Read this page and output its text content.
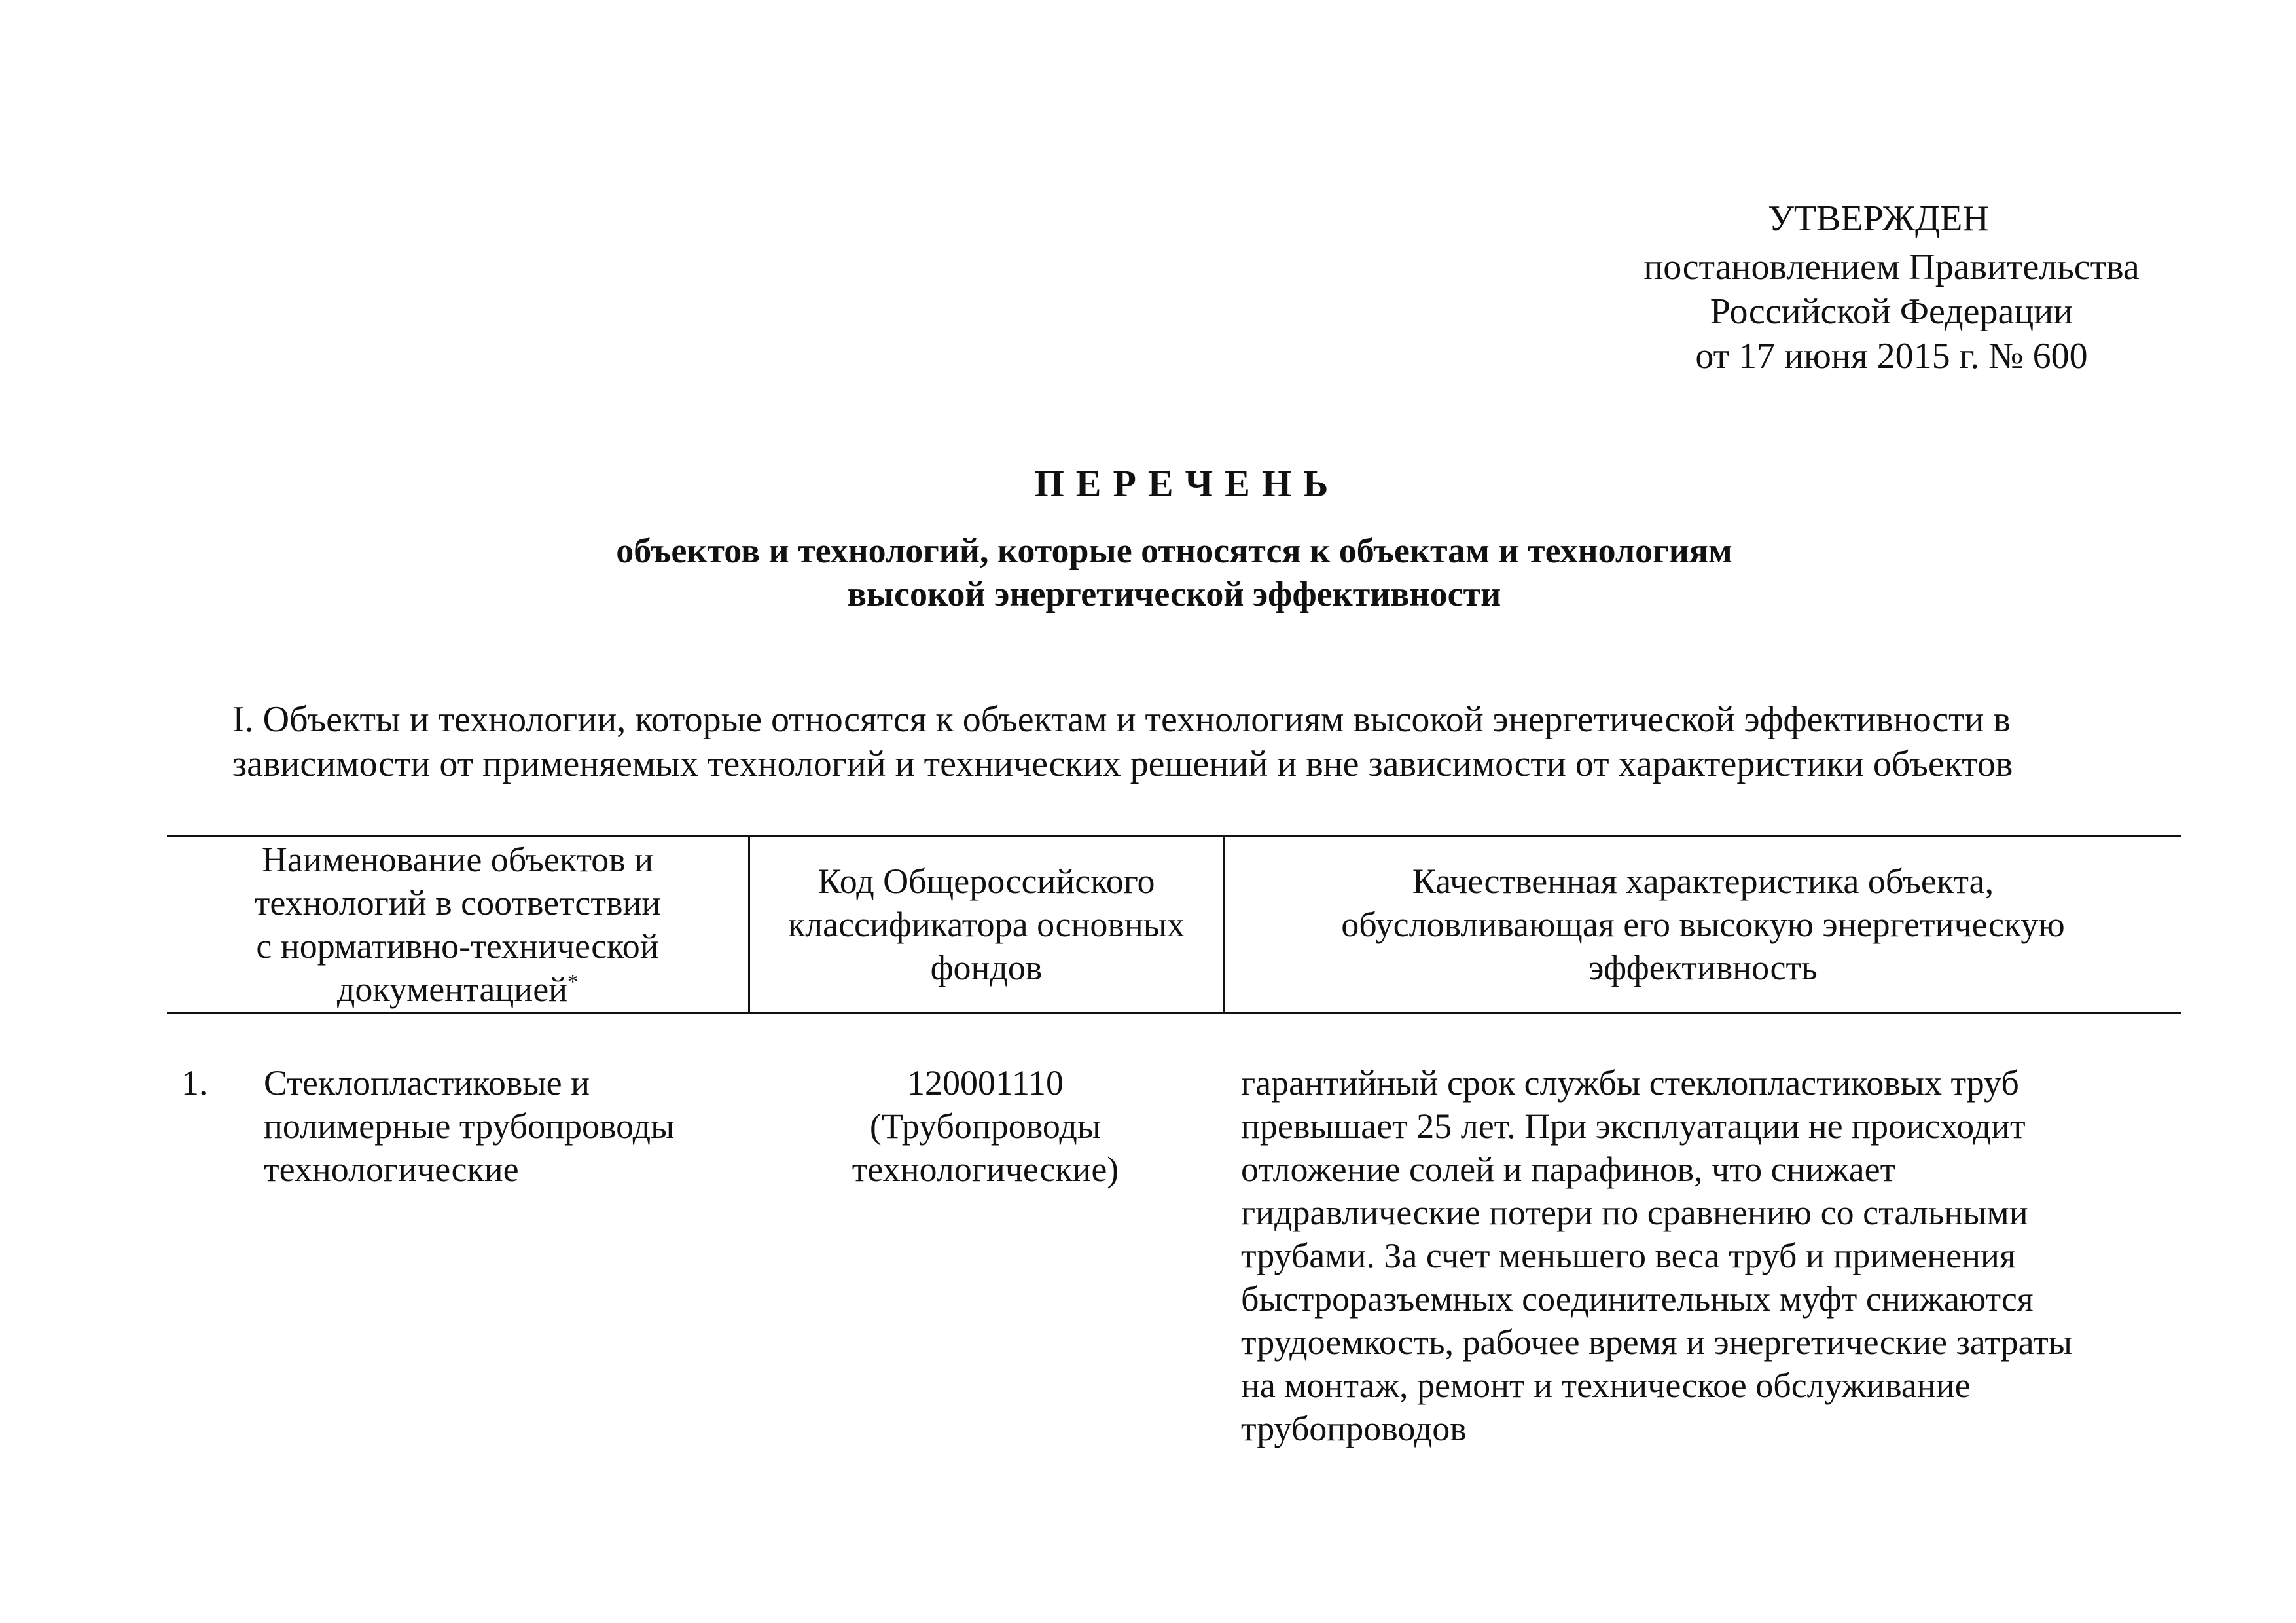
УТВЕРЖДЕН
постановлением Правительства
Российской Федерации
от 17 июня 2015 г. № 600
ПЕРЕЧЕНЬ
объектов и технологий, которые относятся к объектам и технологиям
высокой энергетической эффективности
I. Объекты и технологии, которые относятся к объектам и технологиям высокой энергетической эффективности в
зависимости от применяемых технологий и технических решений и вне зависимости от характеристики объектов
Наименование объектов и
технологий в соответствии
с нормативно-технической
документацией*
Код Общероссийского
классификатора основных
фондов
Качественная характеристика объекта,
обусловливающая его высокую энергетическую
эффективность
1.	Стеклопластиковые и
полимерные трубопроводы
технологические
120001110
(Трубопроводы
технологические)
гарантийный срок службы стеклопластиковых труб
превышает 25 лет. При эксплуатации не происходит
отложение солей и парафинов, что снижает
гидравлические потери по сравнению со стальными
трубами. За счет меньшего веса труб и применения
быстроразъемных соединительных муфт снижаются
трудоемкость, рабочее время и энергетические затраты
на монтаж, ремонт и техническое обслуживание
трубопроводов
